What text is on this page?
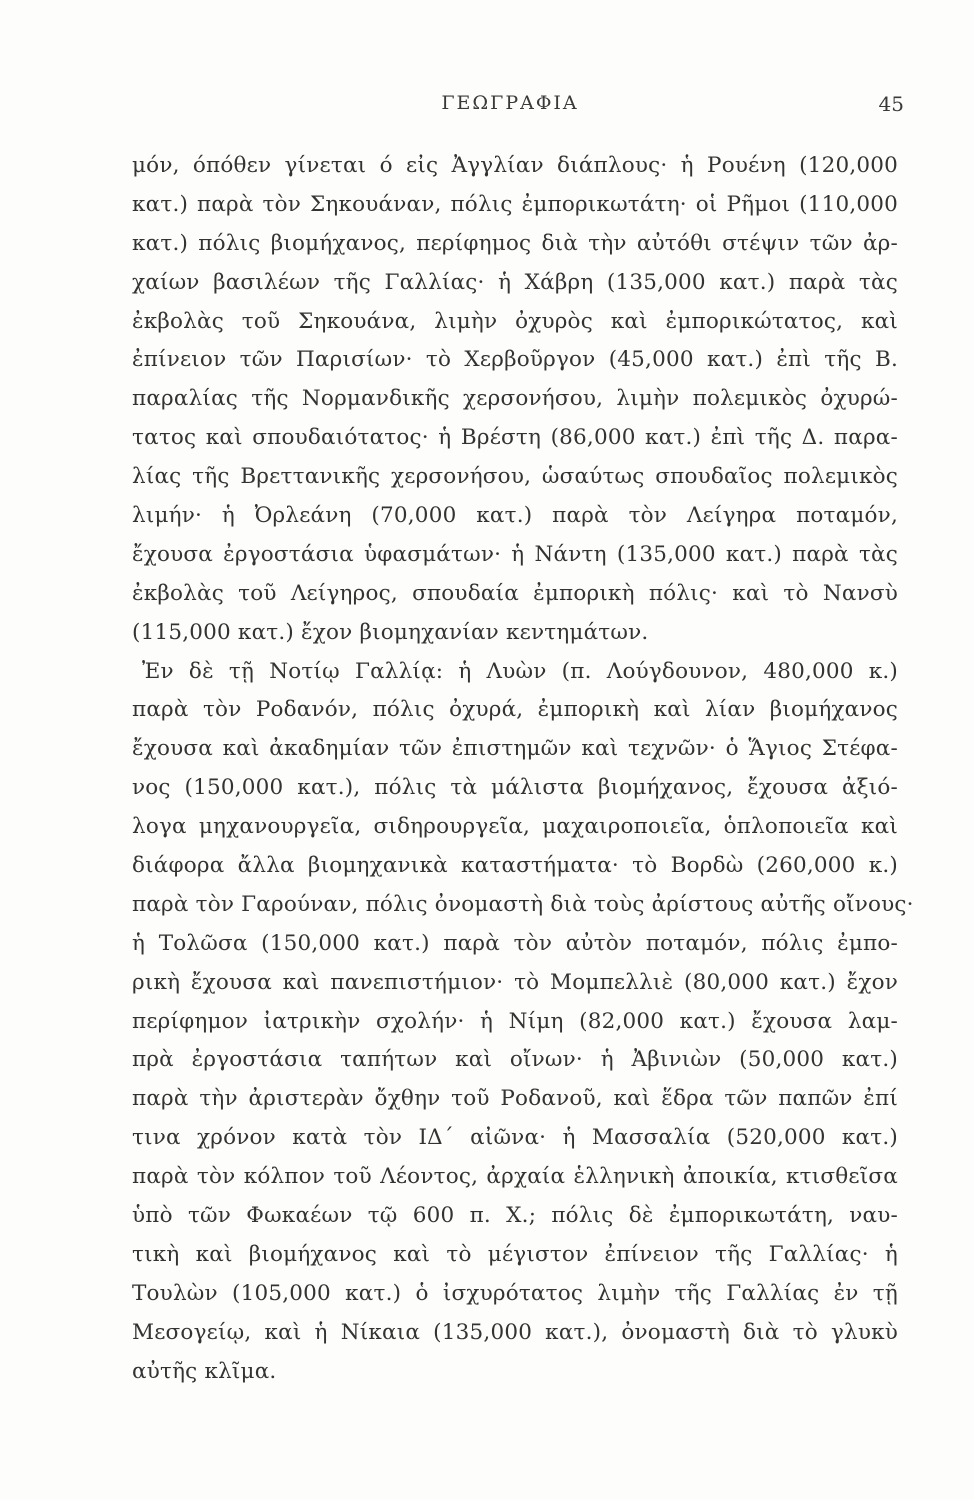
ΓΕΩΓΡΑΦΙΑ	45
μόν, όπόθεν γίνεται ό εἰς Ἀγγλίαν διάπλους· ἡ Ρουένη (120,000
κατ.) παρὰ τὸν Σηκουάναν, πόλις ἐμπορικωτάτη· οἱ Ρῆμοι (110,000
κατ.) πόλις βιομήχανος, περίφημος διὰ τὴν αὐτόθι στέψιν τῶν ἀρ-
χαίων βασιλέων τῆς Γαλλίας· ἡ Χάβρη (135,000 κατ.) παρὰ τὰς
ἐκβολὰς τοῦ Σηκουάνα, λιμὴν ὀχυρὸς καὶ ἐμπορικώτατος, καὶ
ἐπίνειον τῶν Παρισίων· τὸ Χερβοῦργον (45,000 κατ.) ἐπὶ τῆς Β.
παραλίας τῆς Νορμανδικῆς χερσονήσου, λιμὴν πολεμικὸς ὀχυρώ-
τατος καὶ σπουδαιότατος· ἡ Βρέστη (86,000 κατ.) ἐπὶ τῆς Δ. παρα-
λίας τῆς Βρεττανικῆς χερσονήσου, ὡσαύτως σπουδαῖος πολεμικὸς
λιμήν· ἡ Ὀρλεάνη (70,000 κατ.) παρὰ τὸν Λείγηρα ποταμόν,
ἔχουσα ἐργοστάσια ὑφασμάτων· ἡ Νάντη (135,000 κατ.) παρὰ τὰς
ἐκβολὰς τοῦ Λείγηρος, σπουδαία ἐμπορικὴ πόλις· καὶ τὸ Νανσὺ
(115,000 κατ.) ἔχον βιομηχανίαν κεντημάτων.
Ἐν δὲ τῇ Νοτίῳ Γαλλίᾳ: ἡ Λυὼν (π. Λούγδουνον, 480,000 κ.)
παρὰ τὸν Ροδανόν, πόλις ὀχυρά, ἐμπορικὴ καὶ λίαν βιομήχανος
ἔχουσα καὶ ἀκαδημίαν τῶν ἐπιστημῶν καὶ τεχνῶν· ὁ Ἅγιος Στέφα-
νος (150,000 κατ.), πόλις τὰ μάλιστα βιομήχανος, ἔχουσα ἀξιό-
λογα μηχανουργεῖα, σιδηρουργεῖα, μαχαιροποιεῖα, ὁπλοποιεῖα καὶ
διάφορα ἄλλα βιομηχανικὰ καταστήματα· τὸ Βορδὼ (260,000 κ.)
παρὰ τὸν Γαρούναν, πόλις ὀνομαστὴ διὰ τοὺς ἀρίστους αὐτῆς οἴνους·
ἡ Τολῶσα (150,000 κατ.) παρὰ τὸν αὐτὸν ποταμόν, πόλις ἐμπο-
ρικὴ ἔχουσα καὶ πανεπιστήμιον· τὸ Μομπελλιὲ (80,000 κατ.) ἔχον
περίφημον ἰατρικὴν σχολήν· ἡ Νίμη (82,000 κατ.) ἔχουσα λαμ-
πρὰ ἐργοστάσια ταπήτων καὶ οἴνων· ἡ Ἀβινιὼν (50,000 κατ.)
παρὰ τὴν ἀριστερὰν ὄχθην τοῦ Ροδανοῦ, καὶ ἕδρα τῶν παπῶν ἐπί
τινα χρόνον κατὰ τὸν ΙΔ´ αἰῶνα· ἡ Μασσαλία (520,000 κατ.)
παρὰ τὸν κόλπον τοῦ Λέοντος, ἀρχαία ἑλληνικὴ ἀποικία, κτισθεῖσα
ὑπὸ τῶν Φωκαέων τῷ 600 π. Χ.; πόλις δὲ ἐμπορικωτάτη, ναυ-
τικὴ καὶ βιομήχανος καὶ τὸ μέγιστον ἐπίνειον τῆς Γαλλίας· ἡ
Τουλὼν (105,000 κατ.) ὁ ἰσχυρότατος λιμὴν τῆς Γαλλίας ἐν τῇ
Μεσογείῳ, καὶ ἡ Νίκαια (135,000 κατ.), ὀνομαστὴ διὰ τὸ γλυκὺ
αὐτῆς κλῖμα.
